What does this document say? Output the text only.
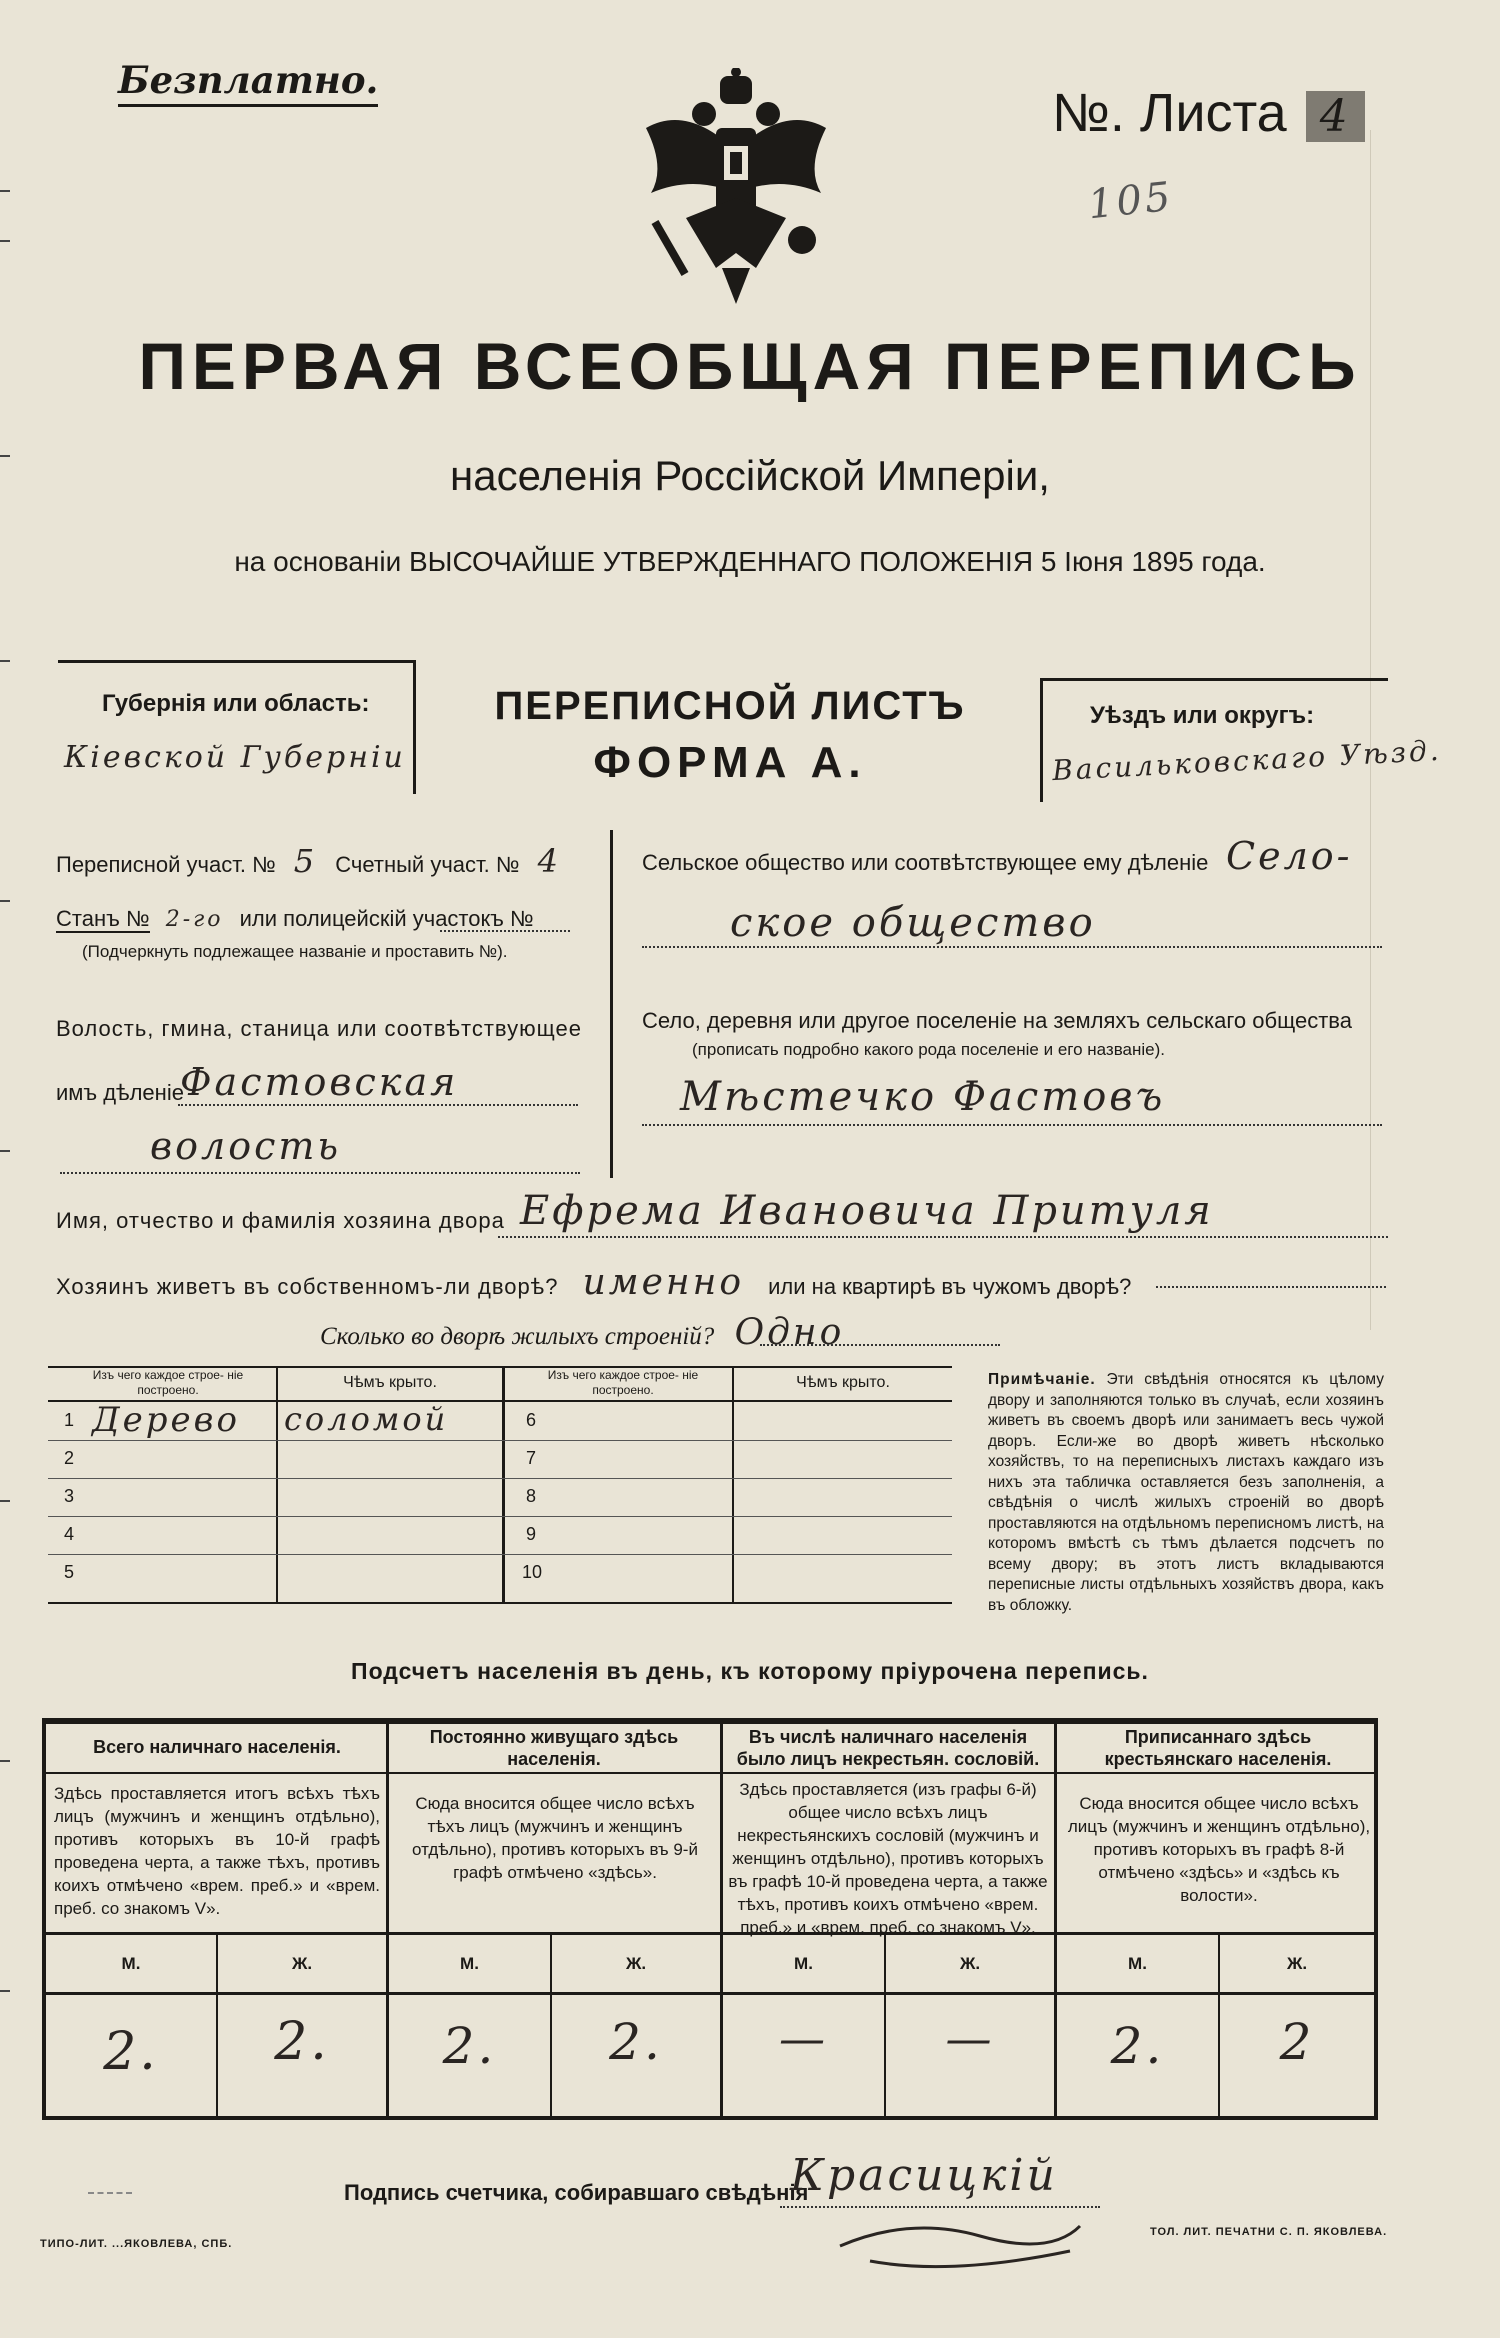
Безплатно.
№. Листа 4
105
ПЕРВАЯ ВСЕОБЩАЯ ПЕРЕПИСЬ
населенія Россійской Имперіи,
на основаніи ВЫСОЧАЙШЕ УТВЕРЖДЕННАГО ПОЛОЖЕНІЯ 5 Іюня 1895 года.
Губернія или область:
Кіевской Губерніи
ПЕРЕПИСНОЙ ЛИСТЪ
ФОРМА А.
Уѣздъ или округъ:
Васильковскаго Уѣзд.
Переписной участ. № 5 Счетный участ. № 4
Станъ № 2-го или полицейскій участокъ №
(Подчеркнуть подлежащее названіе и проставить №).
Волость, гмина, станица или соотвѣтствующее
имъ дѣленіе
Фастовская
волость
Сельское общество или соотвѣтствующее ему дѣленіе Село-
ское общество
Село, деревня или другое поселеніе на земляхъ сельскаго общества
(прописать подробно какого рода поселеніе и его названіе).
Мѣстечко Фастовъ
Имя, отчество и фамилія хозяина двора Ефрема Ивановича Притуля
Хозяинъ живетъ въ собственномъ-ли дворѣ? именно или на квартирѣ въ чужомъ дворѣ?
Сколько во дворѣ жилыхъ строеній? Одно
Изъ чего каждое строе- ніе построено.	Чѣмъ крыто.	Изъ чего каждое строе- ніе построено.	Чѣмъ крыто.
1 Дерево соломой
2
3
4
5
6
7
8
9
10
Примѣчаніе. Эти свѣдѣнія относятся къ цѣлому двору и заполняются только въ случаѣ, если хозяинъ живетъ въ своемъ дворѣ или занимаетъ весь чужой дворъ. Если-же во дворѣ живетъ нѣсколько хозяйствъ, то на переписныхъ листахъ каждаго изъ нихъ эта табличка оставляется безъ заполненія, а свѣдѣнія о числѣ жилыхъ строеній во дворѣ проставляются на отдѣльномъ переписномъ листѣ, на которомъ вмѣстѣ съ тѣмъ дѣлается подсчетъ по всему двору; въ этотъ листъ вкладываются переписные листы отдѣльныхъ хозяйствъ двора, какъ въ обложку.
Подсчетъ населенія въ день, къ которому пріурочена перепись.
Всего наличнаго населенія.	Постоянно живущаго здѣсь населенія.
Въ числѣ наличнаго населенія было лицъ некрестьян. сословій.
Приписаннаго здѣсь крестьянскаго населенія.
Здѣсь проставляется итогъ всѣхъ тѣхъ лицъ (мужчинъ и женщинъ отдѣльно), противъ которыхъ въ 10-й графѣ проведена черта, а также тѣхъ, противъ коихъ отмѣчено «врем. преб.» и «врем. преб. со знакомъ V».
Сюда вносится общее число всѣхъ тѣхъ лицъ (мужчинъ и женщинъ отдѣльно), противъ которыхъ въ 9-й графѣ отмѣчено «здѣсь».
Здѣсь проставляется (изъ графы 6-й) общее число всѣхъ лицъ некрестьянскихъ сословій (мужчинъ и женщинъ отдѣльно), противъ которыхъ въ графѣ 10-й проведена черта, а также тѣхъ, противъ коихъ отмѣчено «врем. преб.» и «врем. преб. со знакомъ V».
Сюда вносится общее число всѣхъ лицъ (мужчинъ и женщинъ отдѣльно), противъ которыхъ въ графѣ 8-й отмѣчено «здѣсь» и «здѣсь къ волости».
М.	Ж.	М.	Ж.	М.	Ж.	М.	Ж.
2.	2.	2.	2.	—	—	2.	2
Подпись счетчика, собиравшаго свѣдѣнія
Красицкій
ТИПО-ЛИТ. ...ЯКОВЛЕВА, СПБ.
ТОЛ. ЛИТ. ПЕЧАТНИ С. П. ЯКОВЛЕВА.
